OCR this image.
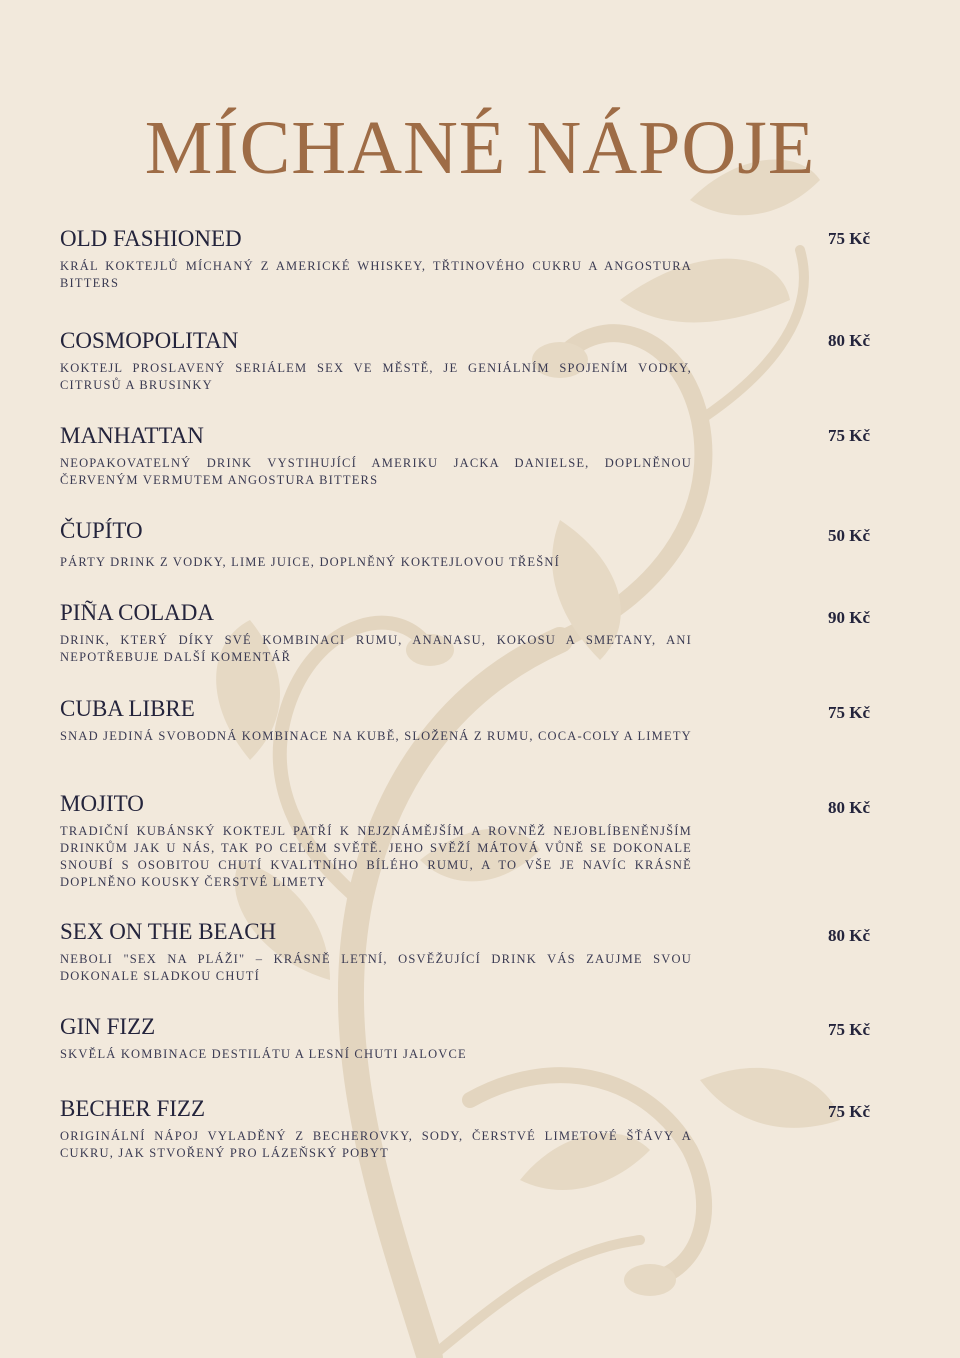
MÍCHANÉ NÁPOJE
OLD FASHIONED
KRÁL KOKTEJLŮ MÍCHANÝ Z AMERICKÉ WHISKEY, TŘTINOVÉHO CUKRU A ANGOSTURA BITTERS
75 Kč
COSMOPOLITAN
KOKTEJL PROSLAVENÝ SERIÁLEM SEX VE MĚSTĚ, JE GENIÁLNÍM SPOJENÍM VODKY, CITRUSŮ A BRUSINKY
80 Kč
MANHATTAN
NEOPAKOVATELNÝ DRINK VYSTIHUJÍCÍ AMERIKU JACKA DANIELSE, DOPLNĚNOU ČERVENÝM VERMUTEM ANGOSTURA BITTERS
75 Kč
ČUPÍTO
PÁRTY DRINK Z VODKY, LIME JUICE, DOPLNĚNÝ KOKTEJLOVOU TŘEŠNÍ
50 Kč
PIÑA COLADA
DRINK, KTERÝ DÍKY SVÉ KOMBINACI RUMU, ANANASU, KOKOSU A SMETANY, ANI NEPOTŘEBUJE DALŠÍ KOMENTÁŘ
90 Kč
CUBA LIBRE
SNAD JEDINÁ SVOBODNÁ KOMBINACE NA KUBĚ, SLOŽENÁ Z RUMU, COCA-COLY A LIMETY
75 Kč
MOJITO
TRADIČNÍ KUBÁNSKÝ KOKTEJL PATŘÍ K NEJZNÁMĚJŠÍM A ROVNĚŽ NEJOBLÍBENĚNJŠÍM DRINKŮM JAK U NÁS, TAK PO CELÉM SVĚTĚ. JEHO SVĚŽÍ MÁTOVÁ VŮNĚ SE DOKONALE SNOUBÍ S OSOBITOU CHUTÍ KVALITNÍHO BÍLÉHO RUMU, A TO VŠE JE NAVÍC KRÁSNĚ DOPLNĚNO KOUSKY ČERSTVÉ LIMETY
80 Kč
SEX ON THE BEACH
NEBOLI "SEX NA PLÁŽI" – KRÁSNĚ LETNÍ, OSVĚŽUJÍCÍ DRINK VÁS ZAUJME SVOU DOKONALE SLADKOU CHUTÍ
80 Kč
GIN FIZZ
SKVĚLÁ KOMBINACE DESTILÁTU A LESNÍ CHUTI JALOVCE
75 Kč
BECHER FIZZ
ORIGINÁLNÍ NÁPOJ VYLADĚNÝ Z BECHEROVKY, SODY, ČERSTVÉ LIMETOVÉ ŠŤÁVY A CUKRU, JAK STVOŘENÝ PRO LÁZEŇSKÝ POBYT
75 Kč
